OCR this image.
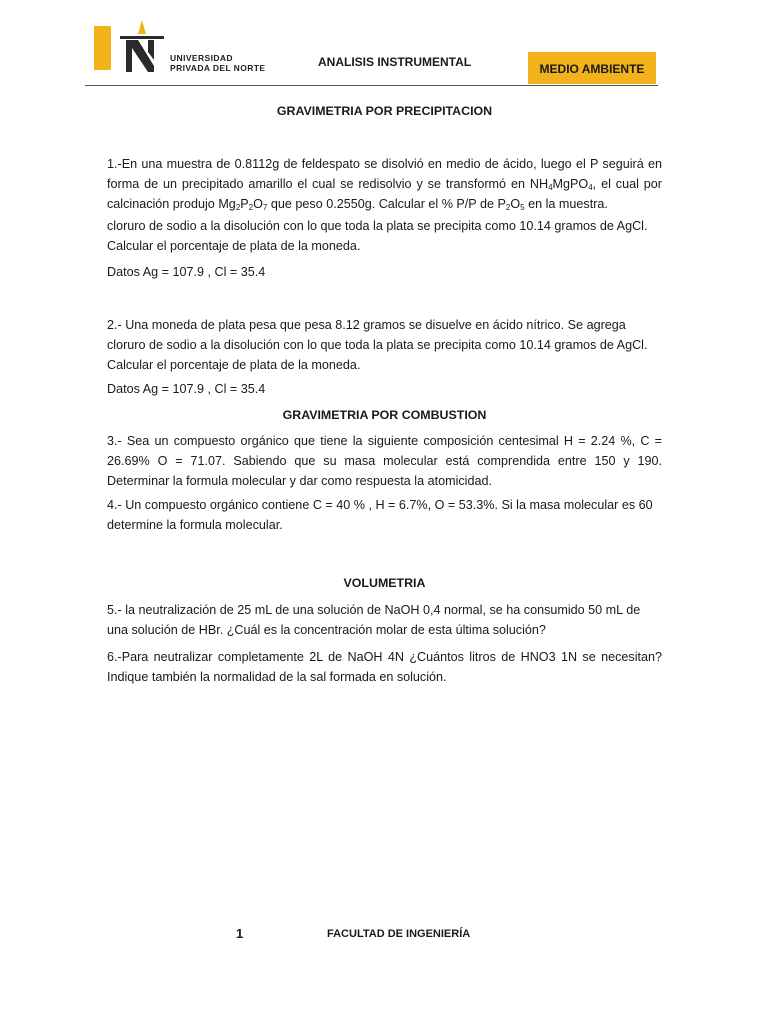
UNIVERSIDAD
PRIVADA DEL NORTE	ANALISIS INSTRUMENTAL	MEDIO AMBIENTE
GRAVIMETRIA POR PRECIPITACION

1.-En una muestra de 0.8112g de feldespato se disolvió en medio de ácido, luego el P seguirá en forma de un precipitado amarillo el cual se redisolvio y se transformó en $NH_4MgPO_4$, el cual por calcinación produjo $Mg_2P_2O_7$ que peso 0.2550g. Calcular el % P/P de $P_2O_5$ en la muestra.

cloruro de sodio a la disolución con lo que toda la plata se precipita como 10.14 gramos de AgCl. Calcular el porcentaje de plata de la moneda.

Datos Ag = 107.9 , Cl = 35.4

2.- Una moneda de plata pesa que pesa 8.12 gramos se disuelve en ácido nítrico. Se agrega cloruro de sodio a la disolución con lo que toda la plata se precipita como 10.14 gramos de AgCl. Calcular el porcentaje de plata de la moneda.

Datos Ag = 107.9 , Cl = 35.4

GRAVIMETRIA POR COMBUSTION

3.- Sea un compuesto orgánico que tiene la siguiente composición centesimal H = 2.24 %, C = 26.69% O = 71.07. Sabiendo que su masa molecular está comprendida entre 150 y 190. Determinar la formula molecular y dar como respuesta la atomicidad.

4.- Un compuesto orgánico contiene C = 40 % , H = 6.7%, O = 53.3%. Si la masa molecular es 60 determine la formula molecular.

VOLUMETRIA

5.- la neutralización de 25 mL de una solución de NaOH 0,4 normal, se ha consumido 50 mL de una solución de HBr. ¿Cuál es la concentración molar de esta última solución?

6.-Para neutralizar completamente 2L de NaOH 4N ¿Cuántos litros de HNO3 1N se necesitan? Indique también la normalidad de la sal formada en solución.

1	FACULTAD DE INGENIERÍA
